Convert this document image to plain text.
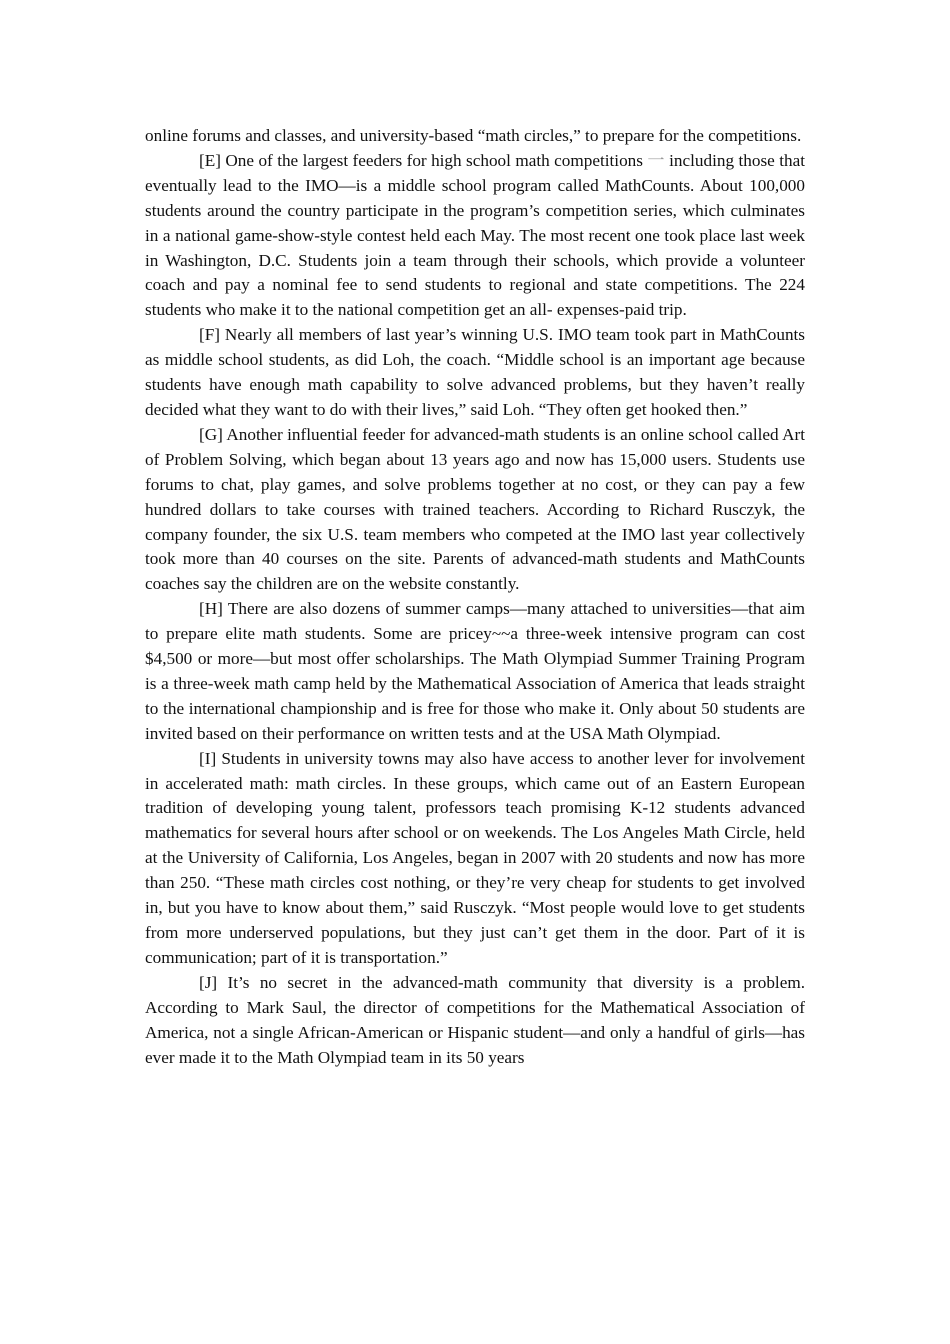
online forums and classes, and university-based “math circles,” to prepare for the competitions.

[E] One of the largest feeders for high school math competitions 一 including those that eventually lead to the IMO—is a middle school program called MathCounts. About 100,000 students around the country participate in the program’s competition series, which culminates in a national game-show-style contest held each May. The most recent one took place last week in Washington, D.C. Students join a team through their schools, which provide a volunteer coach and pay a nominal fee to send students to regional and state competitions. The 224 students who make it to the national competition get an all- expenses-paid trip.

[F] Nearly all members of last year’s winning U.S. IMO team took part in MathCounts as middle school students, as did Loh, the coach. “Middle school is an important age because students have enough math capability to solve advanced problems, but they haven’t really decided what they want to do with their lives,” said Loh. “They often get hooked then.”

[G] Another influential feeder for advanced-math students is an online school called Art of Problem Solving, which began about 13 years ago and now has 15,000 users. Students use forums to chat, play games, and solve problems together at no cost, or they can pay a few hundred dollars to take courses with trained teachers. According to Richard Rusczyk, the company founder, the six U.S. team members who competed at the IMO last year collectively took more than 40 courses on the site. Parents of advanced-math students and MathCounts coaches say the children are on the website constantly.

[H] There are also dozens of summer camps—many attached to universities—that aim to prepare elite math students. Some are pricey~~a three-week intensive program can cost $4,500 or more—but most offer scholarships. The Math Olympiad Summer Training Program is a three-week math camp held by the Mathematical Association of America that leads straight to the international championship and is free for those who make it. Only about 50 students are invited based on their performance on written tests and at the USA Math Olympiad.

[I] Students in university towns may also have access to another lever for involvement in accelerated math: math circles. In these groups, which came out of an Eastern European tradition of developing young talent, professors teach promising K-12 students advanced mathematics for several hours after school or on weekends. The Los Angeles Math Circle, held at the University of California, Los Angeles, began in 2007 with 20 students and now has more than 250. “These math circles cost nothing, or they’re very cheap for students to get involved in, but you have to know about them,” said Rusczyk. “Most people would love to get students from more underserved populations, but they just can’t get them in the door. Part of it is communication; part of it is transportation.”

[J] It’s no secret in the advanced-math community that diversity is a problem. According to Mark Saul, the director of competitions for the Mathematical Association of America, not a single African-American or Hispanic student—and only a handful of girls—has ever made it to the Math Olympiad team in its 50 years
